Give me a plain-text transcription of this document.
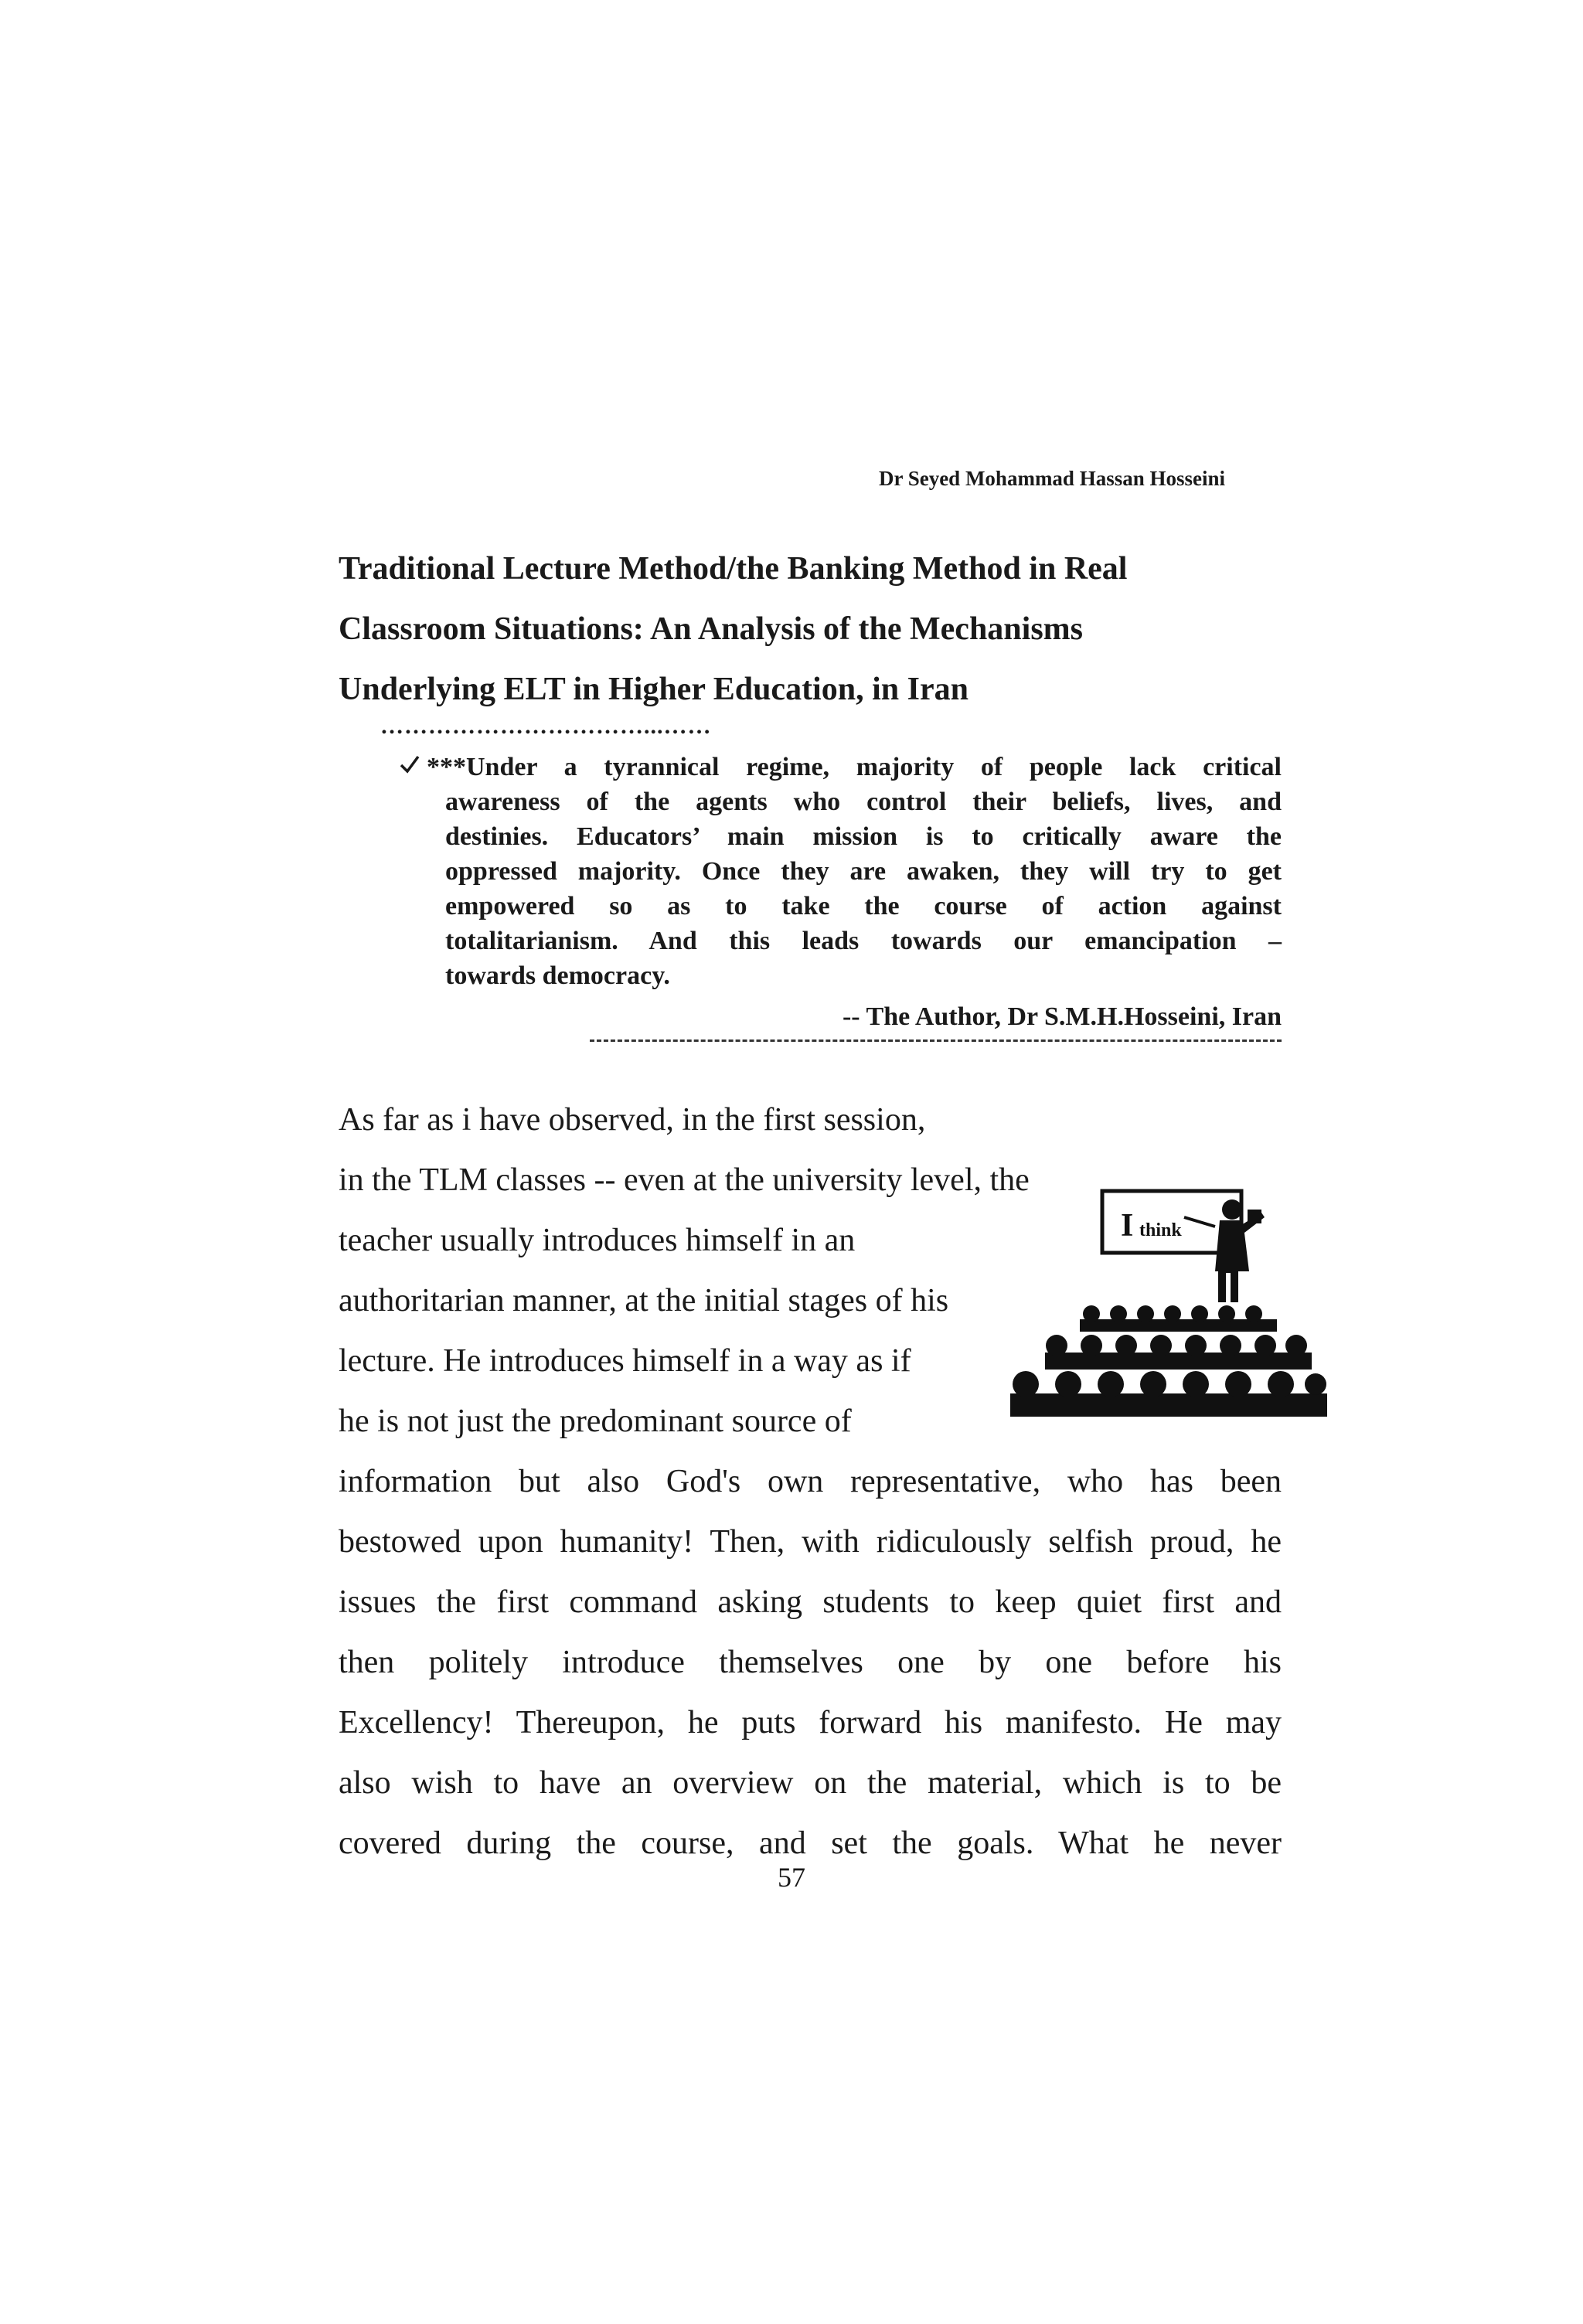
Dr Seyed Mohammad Hassan Hosseini
Traditional Lecture Method/the Banking Method in Real
Classroom Situations: An Analysis of the Mechanisms
Underlying ELT in Higher Education, in Iran
……………………………...……
***Under a tyrannical regime, majority of people lack critical
awareness of the agents who control their beliefs, lives, and
destinies. Educators’ main mission is to critically aware the
oppressed majority. Once they are awaken, they will try to get
empowered so as to take the course of action against
totalitarianism. And this leads towards our emancipation –
towards democracy.
-- The Author, Dr S.M.H.Hosseini, Iran
As far as i have observed, in the first session,
in the TLM classes -- even at the university level, the
teacher usually introduces himself in an
authoritarian manner, at the initial stages of his
lecture. He introduces himself in a way as if
he is not just the predominant source of
information but also God's own representative, who has been
bestowed upon humanity! Then, with ridiculously selfish proud, he
issues the first command asking students to keep quiet first and
then politely introduce themselves one by one before his
Excellency! Thereupon, he puts forward his manifesto. He may
also wish to have an overview on the material, which is to be
covered during the course, and set the goals. What he never
I think
57
